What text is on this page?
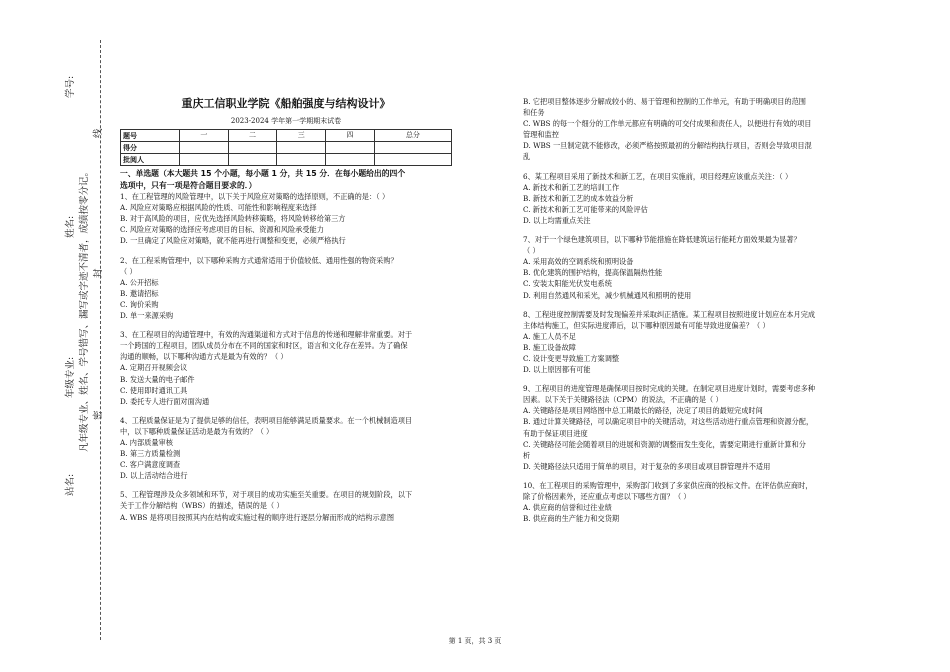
站名:
年级专业:
姓名:
学号:
凡年级专业、姓名、学号错写、漏写或字迹不清者，成绩按零分记。 密
封
线
重庆工信职业学院《船舶强度与结构设计》
2023-2024 学年第一学期期末试卷
题号	一	二	三	四	总分
得分					
批阅人					
一、单选题（本大题共 15 个小题，每小题 1 分，共 15 分．在每小题给出的四个
选项中，只有一项是符合题目要求的．）

1、在工程管理的风险管理中，以下关于风险应对策略的选择原则，不正确的是：（ ）

A. 风险应对策略应根据风险的性质、可能性和影响程度来选择

B. 对于高风险的项目，应优先选择风险转移策略，将风险转移给第三方

C. 风险应对策略的选择应考虑项目的目标、资源和风险承受能力

D. 一旦确定了风险应对策略，就不能再进行调整和变更，必须严格执行

2、在工程采购管理中，以下哪种采购方式通常适用于价值较低、通用性强的物资采购？

（ ）

A. 公开招标

B. 邀请招标

C. 询价采购

D. 单一来源采购

3、在工程项目的沟通管理中，有效的沟通渠道和方式对于信息的传递和理解非常重要。对于

一个跨国的工程项目，团队成员分布在不同的国家和时区，语言和文化存在差异。为了确保

沟通的顺畅，以下哪种沟通方式是最为有效的？（ ）

A. 定期召开视频会议

B. 发送大量的电子邮件

C. 使用即时通讯工具

D. 委托专人进行面对面沟通

4、工程质量保证是为了提供足够的信任，表明项目能够满足质量要求。在一个机械制造项目

中，以下哪种质量保证活动是最为有效的？（ ）

A. 内部质量审核

B. 第三方质量检测

C. 客户满意度调查

D. 以上活动结合进行

5、工程管理涉及众多领域和环节，对于项目的成功实施至关重要。在项目的规划阶段，以下

关于工作分解结构（WBS）的描述，错误的是（ ）

A. WBS 是将项目按照其内在结构或实施过程的顺序进行逐层分解而形成的结构示意图

B. 它把项目整体逐步分解成较小的、易于管理和控制的工作单元，有助于明确项目的范围

和任务

C. WBS 的每一个细分的工作单元都应有明确的可交付成果和责任人，以便进行有效的项目

管理和监控

D. WBS 一旦制定就不能修改，必须严格按照最初的分解结构执行项目，否则会导致项目混

乱

6、某工程项目采用了新技术和新工艺，在项目实施前，项目经理应该重点关注：（ ）

A. 新技术和新工艺的培训工作

B. 新技术和新工艺的成本效益分析

C. 新技术和新工艺可能带来的风险评估

D. 以上均需重点关注

7、对于一个绿色建筑项目，以下哪种节能措施在降低建筑运行能耗方面效果最为显著？

（ ）

A. 采用高效的空调系统和照明设备

B. 优化建筑的围护结构，提高保温隔热性能

C. 安装太阳能光伏发电系统

D. 利用自然通风和采光，减少机械通风和照明的使用

8、工程进度控制需要及时发现偏差并采取纠正措施。某工程项目按照进度计划应在本月完成

主体结构施工，但实际进度滞后，以下哪种原因最有可能导致进度偏差？（ ）

A. 施工人员不足

B. 施工设备故障

C. 设计变更导致施工方案调整

D. 以上原因都有可能

9、工程项目的进度管理是确保项目按时完成的关键。在制定项目进度计划时，需要考虑多种

因素。以下关于关键路径法（CPM）的说法，不正确的是（ ）

A. 关键路径是项目网络图中总工期最长的路径，决定了项目的最短完成时间

B. 通过计算关键路径，可以确定项目中的关键活动，对这些活动进行重点管理和资源分配，

有助于保证项目进度

C. 关键路径可能会随着项目的进展和资源的调整而发生变化，需要定期进行重新计算和分

析

D. 关键路径法只适用于简单的项目，对于复杂的多项目或项目群管理并不适用

10、在工程项目的采购管理中，采购部门收到了多家供应商的投标文件。在评估供应商时，

除了价格因素外，还应重点考虑以下哪些方面？（ ）

A. 供应商的信誉和过往业绩

B. 供应商的生产能力和交货期

第 1 页，共 3 页
